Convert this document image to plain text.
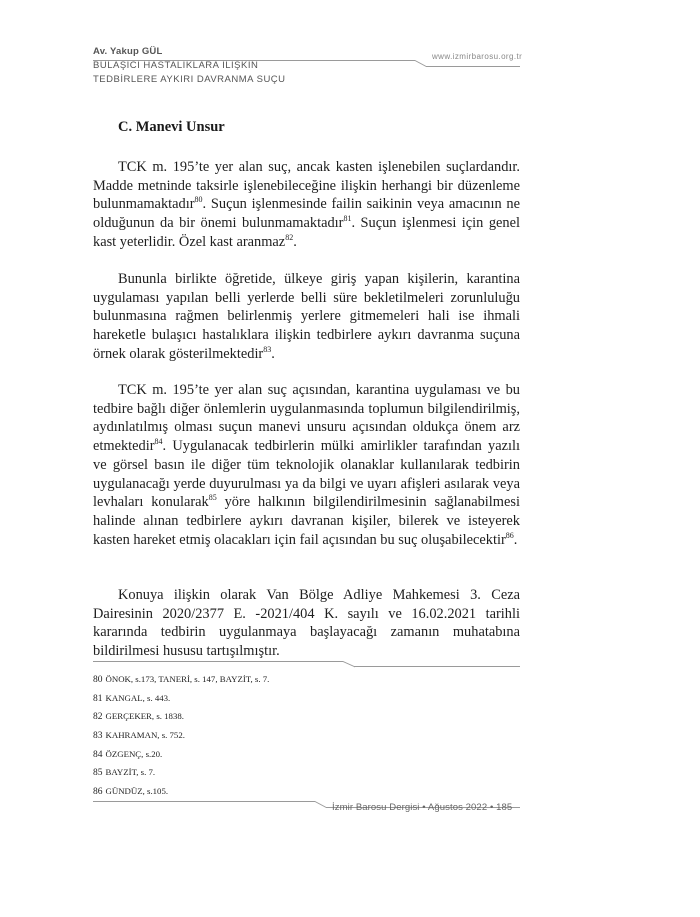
Av. Yakup GÜL
BULAŞICI HASTALIKLARA İLİŞKİN
TEDBİRLERE AYKIRI DAVRANMA SUÇU
www.izmirbarosu.org.tr
C. Manevi Unsur

TCK m. 195’te yer alan suç, ancak kasten işlenebilen suçlardandır. Madde metninde taksirle işlenebileceğine ilişkin herhangi bir düzenleme bulunmamaktadır$^{80}$. Suçun işlenmesinde failin saikinin veya amacının ne olduğunun da bir önemi bulunmamaktadır$^{81}$. Suçun işlenmesi için genel kast yeterlidir. Özel kast aranmaz$^{82}$.

Bununla birlikte öğretide, ülkeye giriş yapan kişilerin, karantina uygulaması yapılan belli yerlerde belli süre bekletilmeleri zorunluluğu bulunmasına rağmen belirlenmiş yerlere gitmemeleri hali ise ihmali hareketle bulaşıcı hastalıklara ilişkin tedbirlere aykırı davranma suçuna örnek olarak gösterilmektedir$^{83}$.

TCK m. 195’te yer alan suç açısından, karantina uygulaması ve bu tedbire bağlı diğer önlemlerin uygulanmasında toplumun bilgilendirilmiş, aydınlatılmış olması suçun manevi unsuru açısından oldukça önem arz etmektedir$^{84}$. Uygulanacak tedbirlerin mülki amirlikler tarafından yazılı ve görsel basın ile diğer tüm teknolojik olanaklar kullanılarak tedbirin uygulanacağı yerde duyurulması ya da bilgi ve uyarı afişleri asılarak veya levhaları konularak$^{85}$ yöre halkının bilgilendirilmesinin sağlanabilmesi halinde alınan tedbirlere aykırı davranan kişiler, bilerek ve isteyerek kasten hareket etmiş olacakları için fail açısından bu suç oluşabilecektir$^{86}$.

Konuya ilişkin olarak Van Bölge Adliye Mahkemesi 3. Ceza Dairesinin 2020/2377 E. -2021/404 K. sayılı ve 16.02.2021 tarihli kararında tedbirin uygulanmaya başlayacağı zamanın muhatabına bildirilmesi hususu tartışılmıştır.

80 ÖNOK, s.173, TANERİ, s. 147, BAYZİT, s. 7.
81 KANGAL, s. 443.
82 GERÇEKER, s. 1838.
83 KAHRAMAN, s. 752.
84 ÖZGENÇ, s.20.
85 BAYZİT, s. 7.
86 GÜNDÜZ, s.105.
İzmir Barosu Dergisi • Ağustos 2022 • 185
